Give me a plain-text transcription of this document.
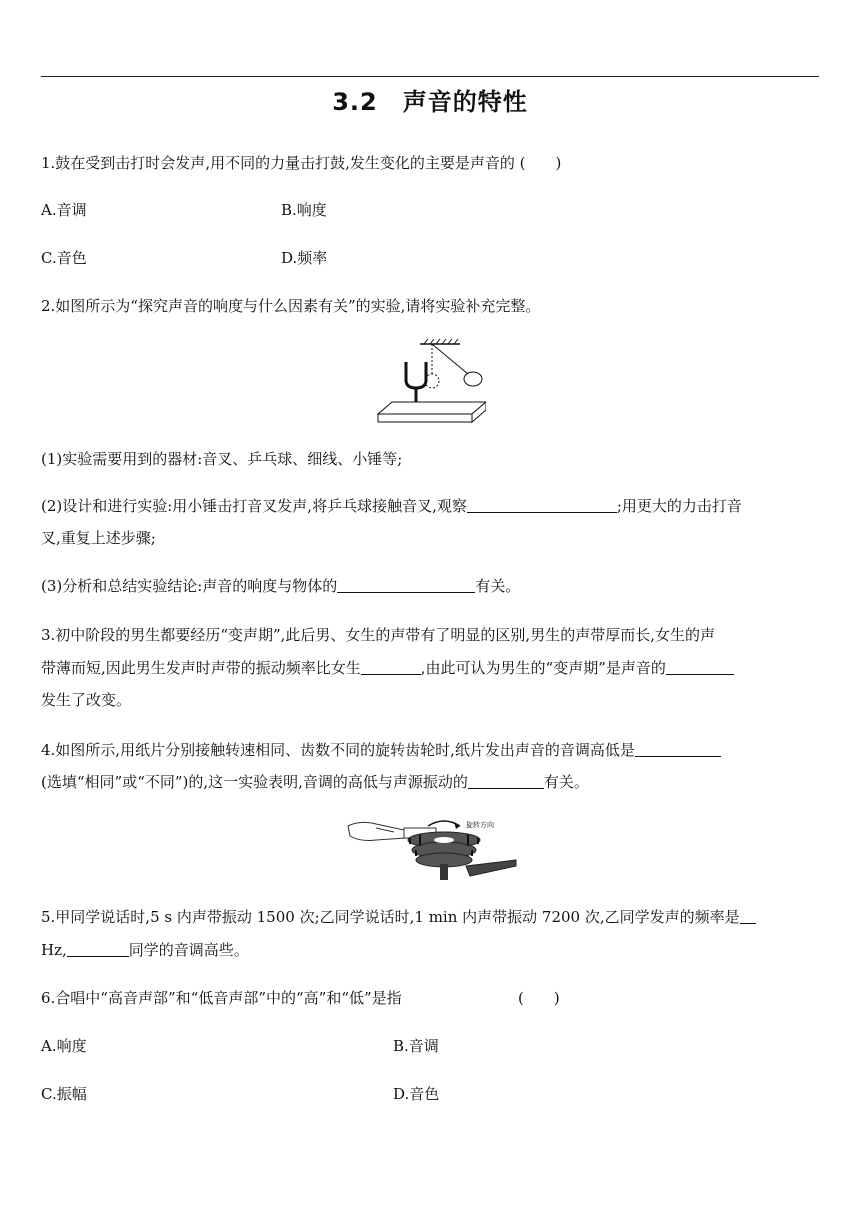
3.2　声音的特性
1.鼓在受到击打时会发声,用不同的力量击打鼓,发生变化的主要是声音的 (　　)
A.音调	B.响度
C.音色	D.频率
2.如图所示为“探究声音的响度与什么因素有关”的实验,请将实验补充完整。
(1)实验需要用到的器材:音叉、乒乓球、细线、小锤等;
(2)设计和进行实验:用小锤击打音叉发声,将乒乓球接触音叉,观察	;用更大的力击打音
叉,重复上述步骤;
(3)分析和总结实验结论:声音的响度与物体的	有关。
3.初中阶段的男生都要经历“变声期”,此后男、女生的声带有了明显的区别,男生的声带厚而长,女生的声
带薄而短,因此男生发声时声带的振动频率比女生	,由此可认为男生的“变声期”是声音的
发生了改变。
4.如图所示,用纸片分别接触转速相同、齿数不同的旋转齿轮时,纸片发出声音的音调高低是
(选填“相同”或“不同”)的,这一实验表明,音调的高低与声源振动的	有关。
旋转方向
5.甲同学说话时,5 s 内声带振动 1500 次;乙同学说话时,1 min 内声带振动 7200 次,乙同学发声的频率是
Hz,	同学的音调高些。
6.合唱中“高音声部”和“低音声部”中的“高”和“低”是指	(　　)
A.响度	B.音调
C.振幅	D.音色
